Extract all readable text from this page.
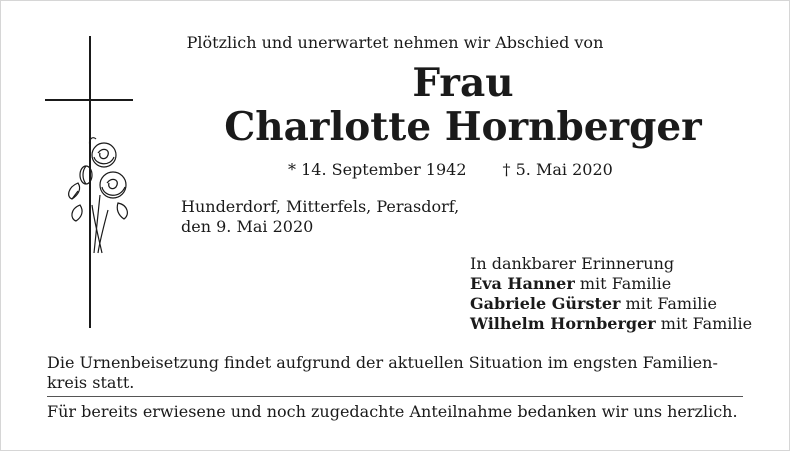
Plötzlich und unerwartet nehmen wir Abschied von
Frau
Charlotte Hornberger
* 14. September 1942 † 5. Mai 2020
Hunderdorf, Mitterfels, Perasdorf,
den 9. Mai 2020
In dankbarer Erinnerung
Eva Hanner mit Familie
Gabriele Gürster mit Familie
Wilhelm Hornberger mit Familie
Die Urnenbeisetzung findet aufgrund der aktuellen Situation im engsten Familien-
kreis statt.
Für bereits erwiesene und noch zugedachte Anteilnahme bedanken wir uns herzlich.
